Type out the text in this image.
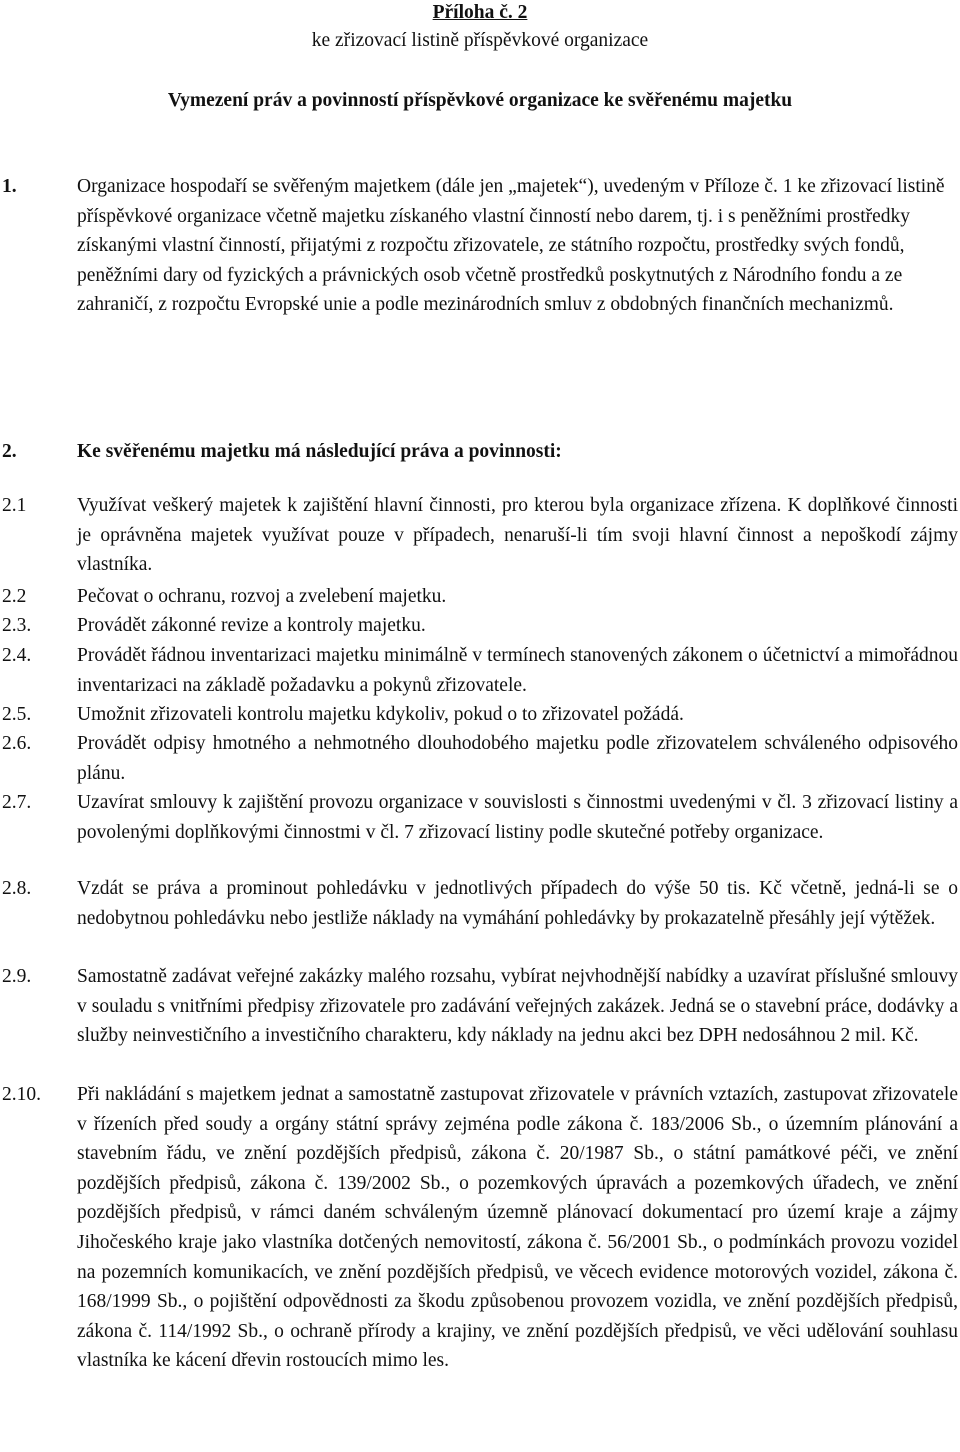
Příloha č. 2
ke zřizovací listině příspěvkové organizace
Vymezení práv a povinností příspěvkové organizace ke svěřenému majetku
1.	Organizace hospodaří se svěřeným majetkem (dále jen „majetek“), uvedeným v Příloze č. 1 ke zřizovací listině příspěvkové organizace včetně majetku získaného vlastní činností nebo darem, tj. i s peněžními prostředky získanými vlastní činností, přijatými z rozpočtu zřizovatele, ze státního rozpočtu, prostředky svých fondů, peněžními dary od fyzických a právnických osob včetně prostředků poskytnutých z Národního fondu a ze zahraničí, z rozpočtu Evropské unie a podle mezinárodních smluv z obdobných finančních mechanizmů.
2.	Ke svěřenému majetku má následující práva a povinnosti:
2.1	Využívat veškerý majetek k zajištění hlavní činnosti, pro kterou byla organizace zřízena. K doplňkové činnosti je oprávněna majetek využívat pouze v případech, nenaruší-li tím svoji hlavní činnost a nepoškodí zájmy vlastníka.
2.2	Pečovat o ochranu, rozvoj a zvelebení majetku.
2.3. Provádět zákonné revize a kontroly majetku.
2.4. Provádět řádnou inventarizaci majetku minimálně v termínech stanovených zákonem o účetnictví a mimořádnou inventarizaci na základě požadavku a pokynů zřizovatele.
2.5. Umožnit zřizovateli kontrolu majetku kdykoliv, pokud o to zřizovatel požádá.
2.6. Provádět odpisy hmotného a nehmotného dlouhodobého majetku podle zřizovatelem schváleného odpisového plánu.
2.7. Uzavírat smlouvy k zajištění provozu organizace v souvislosti s činnostmi uvedenými v čl. 3 zřizovací listiny a povolenými doplňkovými činnostmi v čl. 7 zřizovací listiny podle skutečné potřeby organizace.
2.8. Vzdát se práva a prominout pohledávku v jednotlivých případech do výše 50 tis. Kč včetně, jedná-li se o nedobytnou pohledávku nebo jestliže náklady na vymáhání pohledávky by prokazatelně přesáhly její výtěžek.
2.9. Samostatně zadávat veřejné zakázky malého rozsahu, vybírat nejvhodnější nabídky a uzavírat příslušné smlouvy v souladu s vnitřními předpisy zřizovatele pro zadávání veřejných zakázek. Jedná se o stavební práce, dodávky a služby neinvestičního a investičního charakteru, kdy náklady na jednu akci bez DPH nedosáhnou 2 mil. Kč.
2.10. Při nakládání s majetkem jednat a samostatně zastupovat zřizovatele v právních vztazích, zastupovat zřizovatele v řízeních před soudy a orgány státní správy zejména podle zákona č. 183/2006 Sb., o územním plánování a stavebním řádu, ve znění pozdějších předpisů, zákona č. 20/1987 Sb., o státní památkové péči, ve znění pozdějších předpisů, zákona č. 139/2002 Sb., o pozemkových úpravách a pozemkových úřadech, ve znění pozdějších předpisů, v rámci daném schváleným územně plánovací dokumentací pro území kraje a zájmy Jihočeského kraje jako vlastníka dotčených nemovitostí, zákona č. 56/2001 Sb., o podmínkách provozu vozidel na pozemních komunikacích, ve znění pozdějších předpisů, ve věcech evidence motorových vozidel, zákona č. 168/1999 Sb., o pojištění odpovědnosti za škodu způsobenou provozem vozidla, ve znění pozdějších předpisů, zákona č. 114/1992 Sb., o ochraně přírody a krajiny, ve znění pozdějších předpisů, ve věci udělování souhlasu vlastníka ke kácení dřevin rostoucích mimo les.
